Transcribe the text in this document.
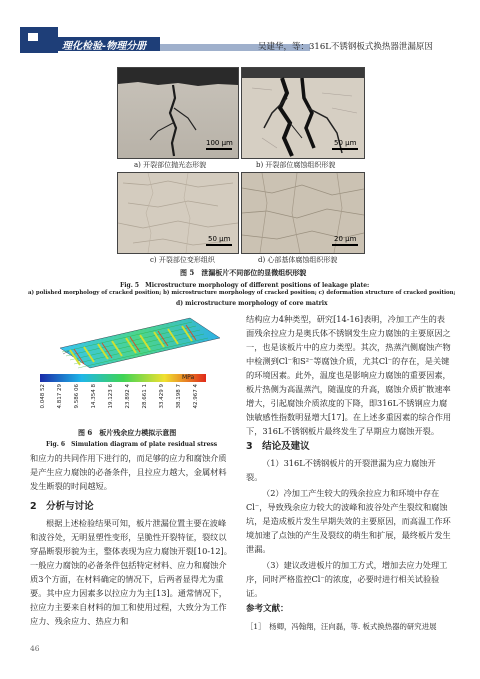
理化检验-物理分册	吴建华，等：316L不锈钢板式换热器泄漏原因
100 μm	50 μm
a) 开裂部位抛光态形貌	b) 开裂部位腐蚀组织形貌
50 μm	20 μm
c) 开裂部位变形组织	d) 心部基体腐蚀组织形貌
图 5　泄漏板片不同部位的显微组织形貌
Fig. 5　Microstructure morphology of different positions of leakage plate:
a) polished morphology of cracked position; b) microstructure morphology of cracked position; c) deformation structure of cracked position;
d) microstructure morphology of core matrix
MPa
0.048 52 4.817 29 9.586 06 14.354 8 19.123 6 23.892 4 28.661 1 33.429 9 38.198 7 42.967 4
图 6　板片残余应力模拟示意图
Fig. 6　Simulation diagram of plate residual stress
和应力的共同作用下进行的，而足够的应力和腐蚀介质是产生应力腐蚀的必备条件，且拉应力越大，金属材料发生断裂的时间越短。
2　分析与讨论
根据上述检验结果可知，板片泄漏位置主要在波峰和波谷处，无明显塑性变形，呈脆性开裂特征，裂纹以穿晶断裂形貌为主，整体表现为应力腐蚀开裂[10-12]。一般应力腐蚀的必备条件包括特定材料、应力和腐蚀介质3个方面，在材料确定的情况下，后两者显得尤为重要。其中应力因素多以拉应力为主[13]。通常情况下，拉应力主要来自材料的加工和使用过程，大致分为工作应力、残余应力、热应力和
结构应力4种类型，研究[14-16]表明，冷加工产生的表面残余拉应力是奥氏体不锈钢发生应力腐蚀的主要原因之一，也是该板片中的应力类型。其次，热蒸汽侧腐蚀产物中检测到Cl⁻和S²⁻等腐蚀介质，尤其Cl⁻的存在，是关键的环境因素。此外，温度也是影响应力腐蚀的重要因素，板片热侧为高温蒸汽，随温度的升高，腐蚀介质扩散速率增大，引起腐蚀介质浓度的下降，即316L不锈钢应力腐蚀敏感性指数明显增大[17]。在上述多重因素的综合作用下，316L不锈钢板片最终发生了早期应力腐蚀开裂。
3　结论及建议
（1）316L不锈钢板片的开裂泄漏为应力腐蚀开裂。
（2）冷加工产生较大的残余拉应力和环境中存在Cl⁻，导致残余应力较大的波峰和波谷处产生裂纹和腐蚀坑，是造成板片发生早期失效的主要原因，而高温工作环境加速了点蚀的产生及裂纹的萌生和扩展，最终板片发生泄漏。
（3）建议改进板片的加工方式，增加去应力处理工序，同时严格监控Cl⁻的浓度，必要时进行相关试验验证。
参考文献：
［1］　杨卿，冯翰翔，汪向磊，等. 板式换热器的研究进展
46
